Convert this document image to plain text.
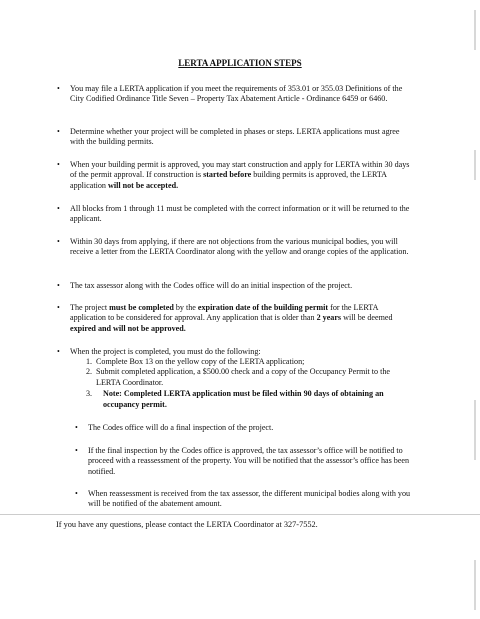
LERTA APPLICATION STEPS
• You may file a LERTA application if you meet the requirements of 353.01 or 355.03 Definitions of the City Codified Ordinance Title Seven – Property Tax Abatement Article - Ordinance 6459 or 6460.
• Determine whether your project will be completed in phases or steps. LERTA applications must agree with the building permits.
• When your building permit is approved, you may start construction and apply for LERTA within 30 days of the permit approval. If construction is started before building permits is approved, the LERTA application will not be accepted.
• All blocks from 1 through 11 must be completed with the correct information or it will be returned to the applicant.
• Within 30 days from applying, if there are not objections from the various municipal bodies, you will receive a letter from the LERTA Coordinator along with the yellow and orange copies of the application.
• The tax assessor along with the Codes office will do an initial inspection of the project.
• The project must be completed by the expiration date of the building permit for the LERTA application to be considered for approval. Any application that is older than 2 years will be deemed expired and will not be approved.
• When the project is completed, you must do the following:
1. Complete Box 13 on the yellow copy of the LERTA application;
2. Submit completed application, a $500.00 check and a copy of the Occupancy Permit to the LERTA Coordinator.
3. Note: Completed LERTA application must be filed within 90 days of obtaining an occupancy permit.
• The Codes office will do a final inspection of the project.
• If the final inspection by the Codes office is approved, the tax assessor’s office will be notified to proceed with a reassessment of the property. You will be notified that the assessor’s office has been notified.
• When reassessment is received from the tax assessor, the different municipal bodies along with you will be notified of the abatement amount.
If you have any questions, please contact the LERTA Coordinator at 327-7552.
